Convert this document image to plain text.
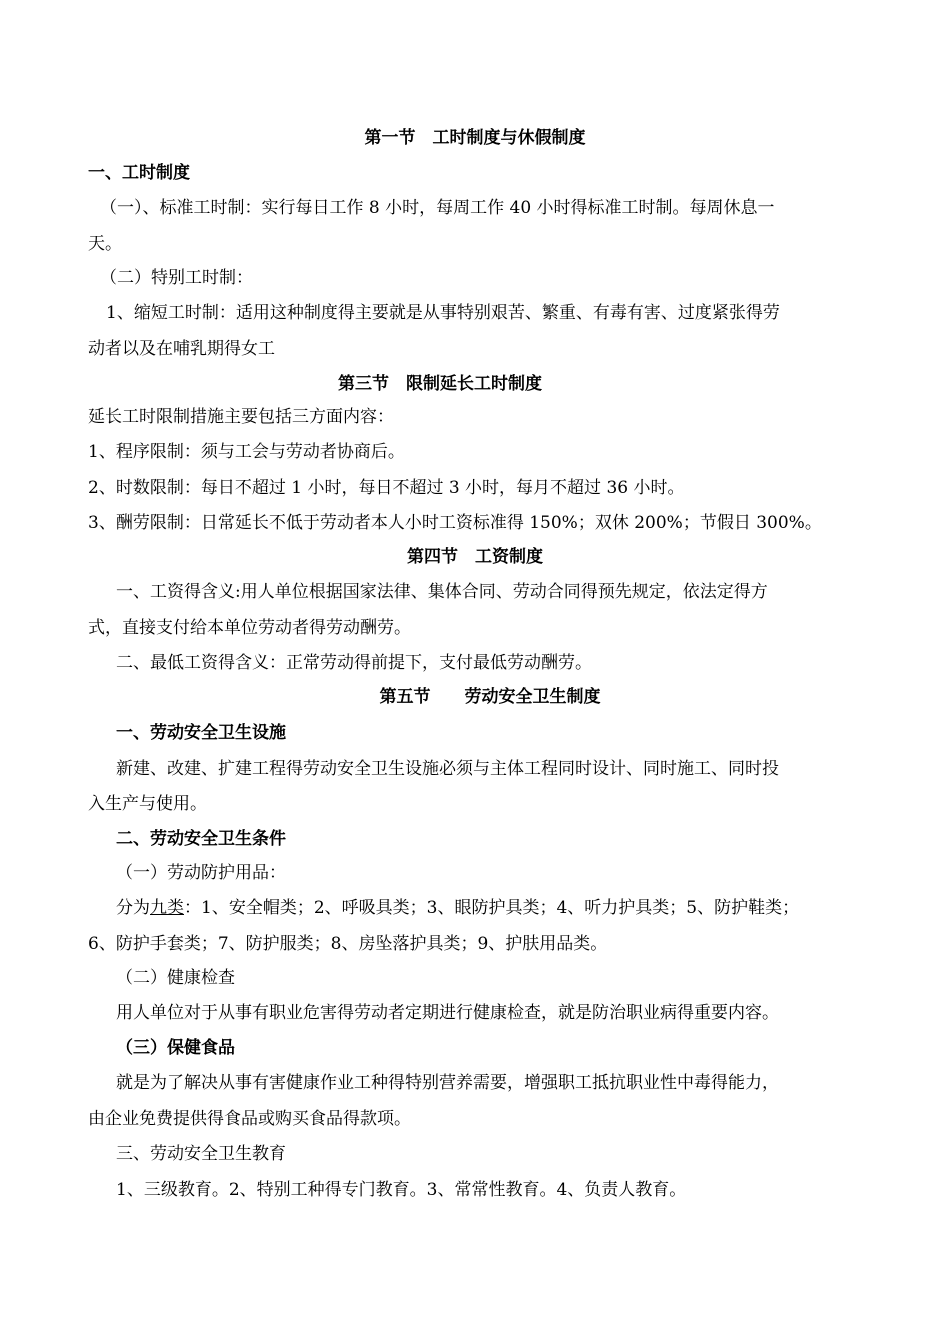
第一节　工时制度与休假制度
一、工时制度
（一）、标准工时制：实行每日工作 8 小时，每周工作 40 小时得标准工时制。每周休息一
天。
（二）特别工时制：
1、缩短工时制：适用这种制度得主要就是从事特别艰苦、繁重、有毒有害、过度紧张得劳
动者以及在哺乳期得女工
第三节　限制延长工时制度
延长工时限制措施主要包括三方面内容：
1、程序限制：须与工会与劳动者协商后。
2、时数限制：每日不超过 1 小时，每日不超过 3 小时，每月不超过 36 小时。
3、酬劳限制：日常延长不低于劳动者本人小时工资标准得 150%；双休 200%；节假日 300%。
第四节　工资制度
一、工资得含义:用人单位根据国家法律、集体合同、劳动合同得预先规定，依法定得方
式，直接支付给本单位劳动者得劳动酬劳。
二、最低工资得含义：正常劳动得前提下，支付最低劳动酬劳。
第五节　　劳动安全卫生制度
一、劳动安全卫生设施
新建、改建、扩建工程得劳动安全卫生设施必须与主体工程同时设计、同时施工、同时投
入生产与使用。
二、劳动安全卫生条件
（一）劳动防护用品：
分为九类：1、安全帽类；2、呼吸具类；3、眼防护具类；4、听力护具类；5、防护鞋类；
6、防护手套类；7、防护服类；8、房坠落护具类；9、护肤用品类。
（二）健康检查
用人单位对于从事有职业危害得劳动者定期进行健康检查，就是防治职业病得重要内容。
（三）保健食品
就是为了解决从事有害健康作业工种得特别营养需要，增强职工抵抗职业性中毒得能力，
由企业免费提供得食品或购买食品得款项。
三、劳动安全卫生教育
1、三级教育。2、特别工种得专门教育。3、常常性教育。4、负责人教育。
